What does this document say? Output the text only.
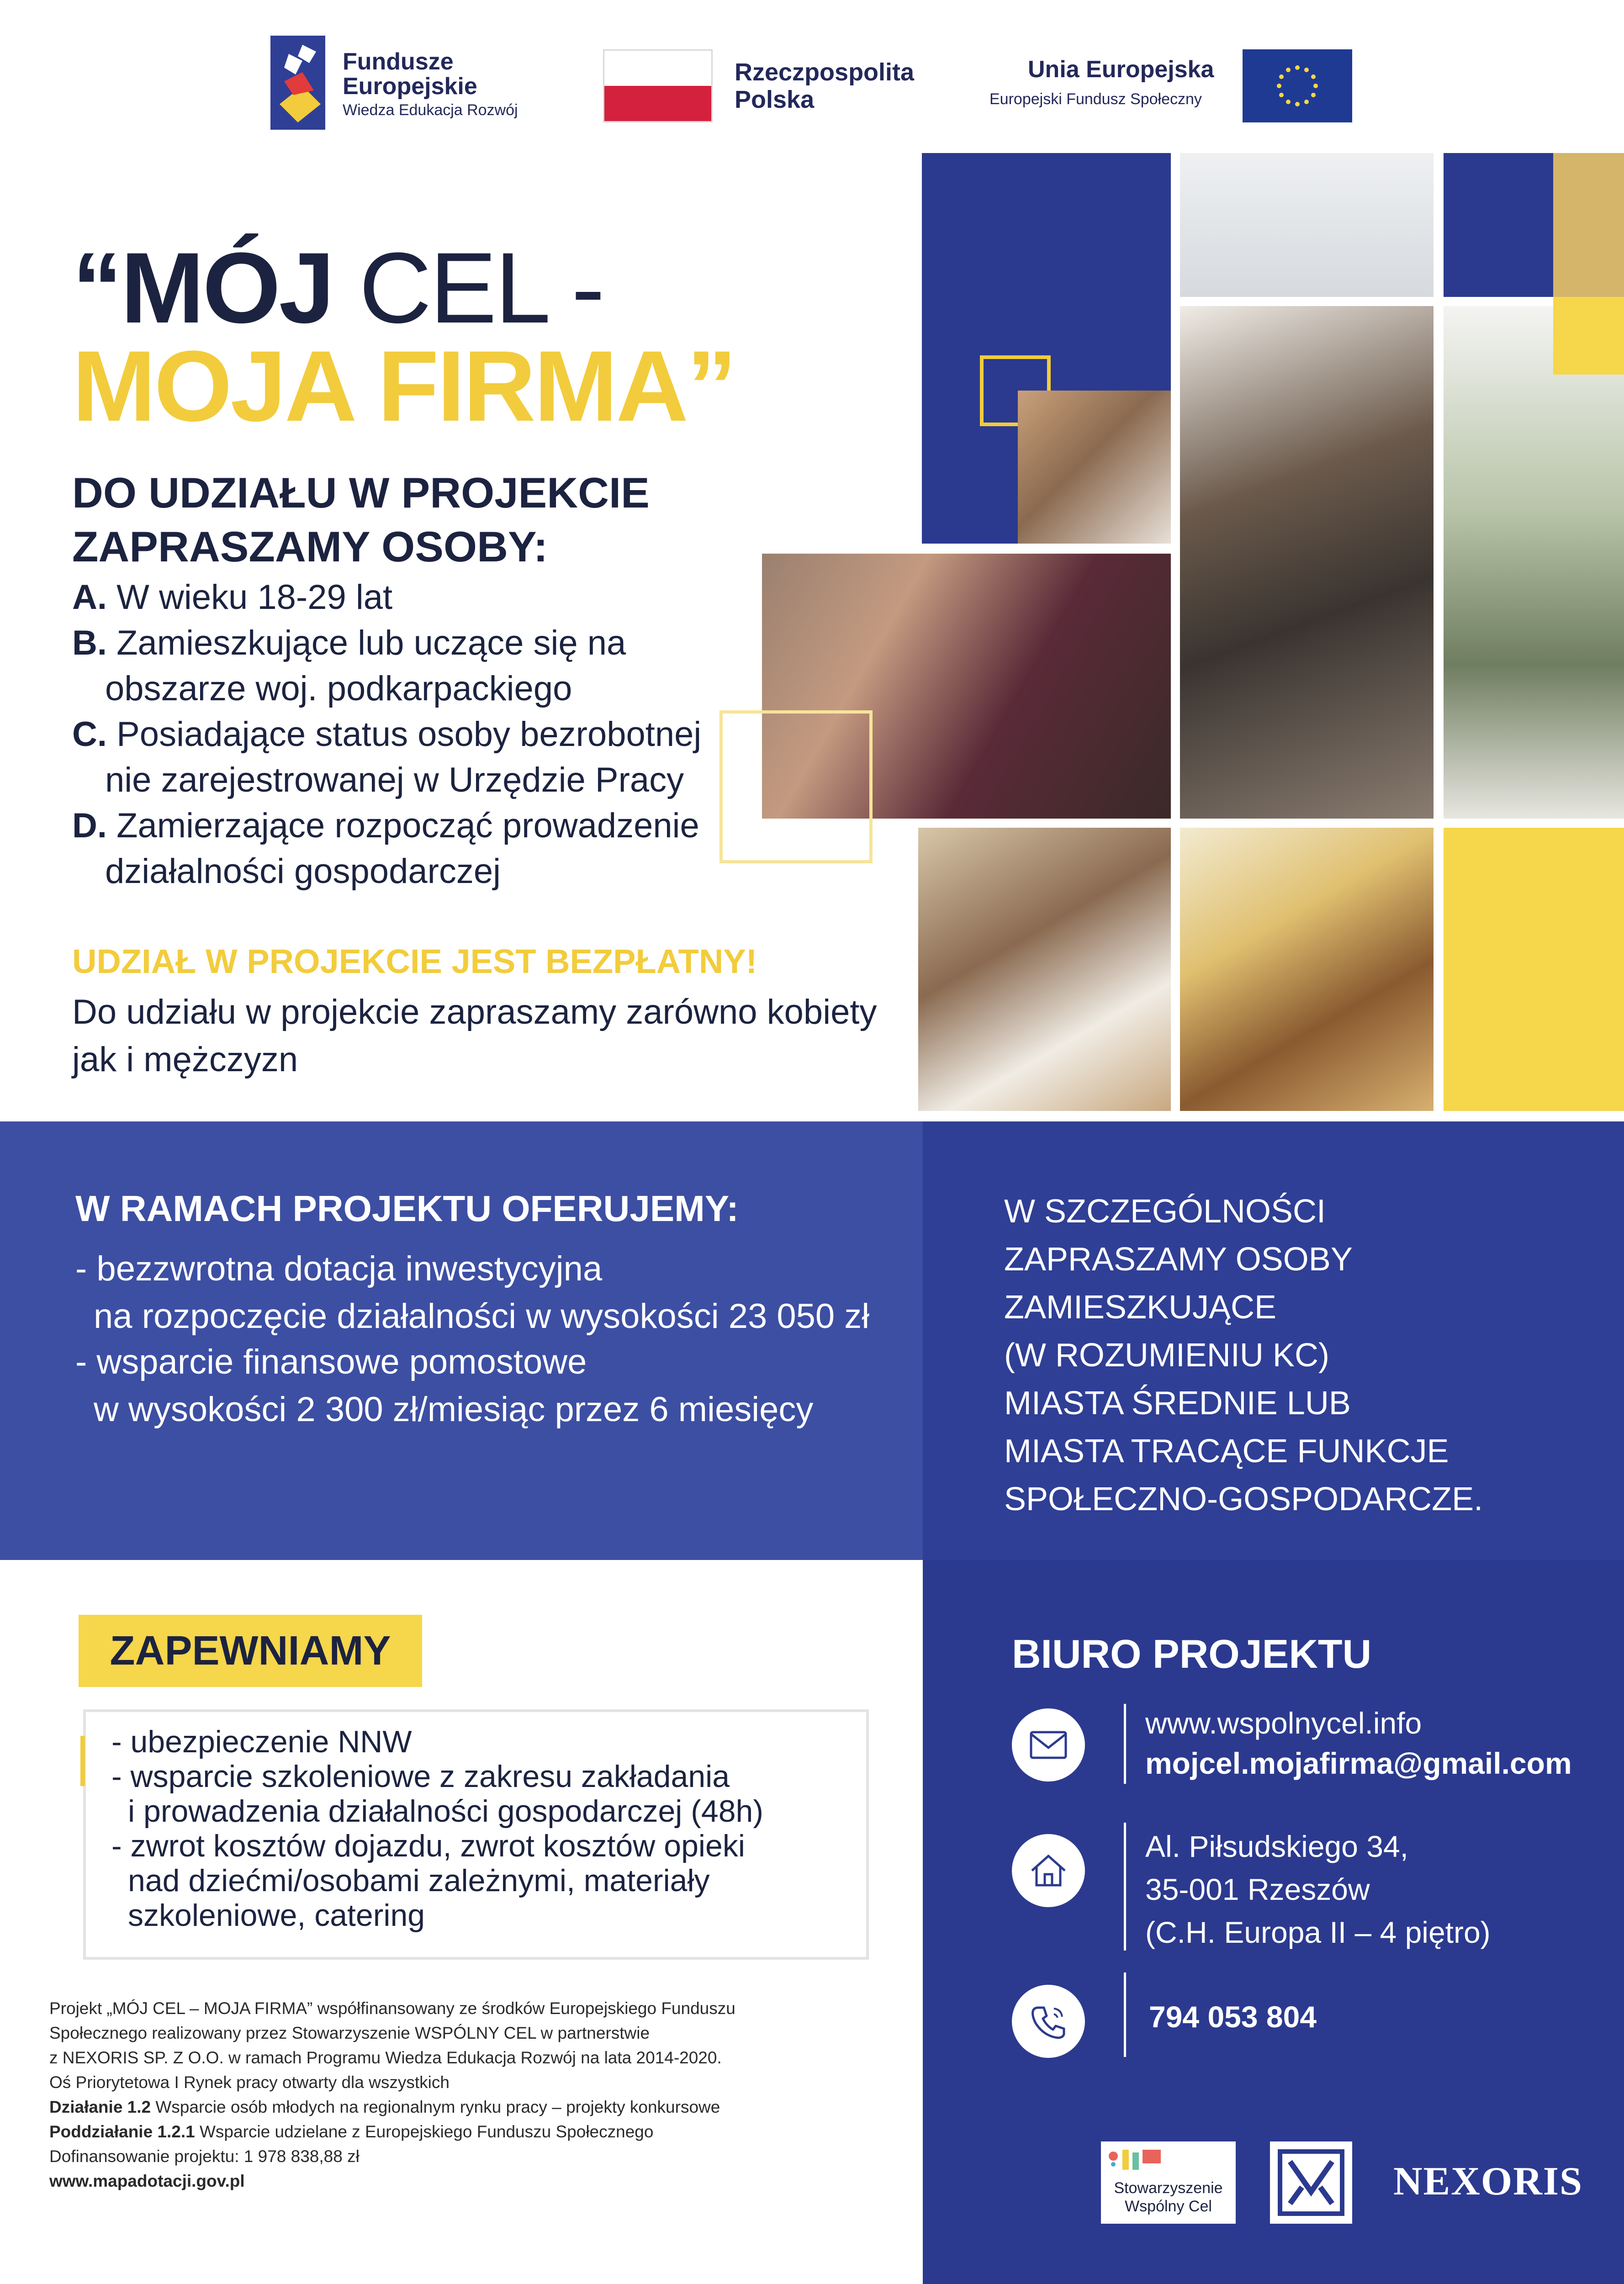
Fundusze Europejskie
Wiedza Edukacja Rozwój
Rzeczpospolita Polska
Unia Europejska
Europejski Fundusz Społeczny
“MÓJ CEL -
MOJA FIRMA”
DO UDZIAŁU W PROJEKCIE
ZAPRASZAMY OSOBY:
A. W wieku 18-29 lat
B. Zamieszkujące lub uczące się na
obszarze woj. podkarpackiego
C. Posiadające status osoby bezrobotnej
nie zarejestrowanej w Urzędzie Pracy
D. Zamierzające rozpocząć prowadzenie
działalności gospodarczej
UDZIAŁ W PROJEKCIE JEST BEZPŁATNY!
Do udziału w projekcie zapraszamy zarówno kobiety jak i mężczyzn
W RAMACH PROJEKTU OFERUJEMY:
- bezzwrotna dotacja inwestycyjna
na rozpoczęcie działalności w wysokości 23 050 zł
- wsparcie finansowe pomostowe
w wysokości 2 300 zł/miesiąc przez 6 miesięcy
W SZCZEGÓLNOŚCI
ZAPRASZAMY OSOBY
ZAMIESZKUJĄCE
(W ROZUMIENIU KC)
MIASTA ŚREDNIE LUB
MIASTA TRACĄCE FUNKCJE
SPOŁECZNO-GOSPODARCZE.
ZAPEWNIAMY
- ubezpieczenie NNW
- wsparcie szkoleniowe z zakresu zakładania
i prowadzenia działalności gospodarczej (48h)
- zwrot kosztów dojazdu, zwrot kosztów opieki
nad dziećmi/osobami zależnymi, materiały
szkoleniowe, catering
Projekt „MÓJ CEL – MOJA FIRMA” współfinansowany ze środków Europejskiego Funduszu
Społecznego realizowany przez Stowarzyszenie WSPÓLNY CEL w partnerstwie
z NEXORIS SP. Z O.O. w ramach Programu Wiedza Edukacja Rozwój na lata 2014-2020.
Oś Priorytetowa I Rynek pracy otwarty dla wszystkich
Działanie 1.2 Wsparcie osób młodych na regionalnym rynku pracy – projekty konkursowe
Poddziałanie 1.2.1 Wsparcie udzielane z Europejskiego Funduszu Społecznego
Dofinansowanie projektu: 1 978 838,88 zł
www.mapadotacji.gov.pl
BIURO PROJEKTU
www.wspolnycel.info
mojcel.mojafirma@gmail.com
Al. Piłsudskiego 34,
35-001 Rzeszów
(C.H. Europa II – 4 piętro)
794 053 804
Stowarzyszenie
Wspólny Cel
NEXORIS
